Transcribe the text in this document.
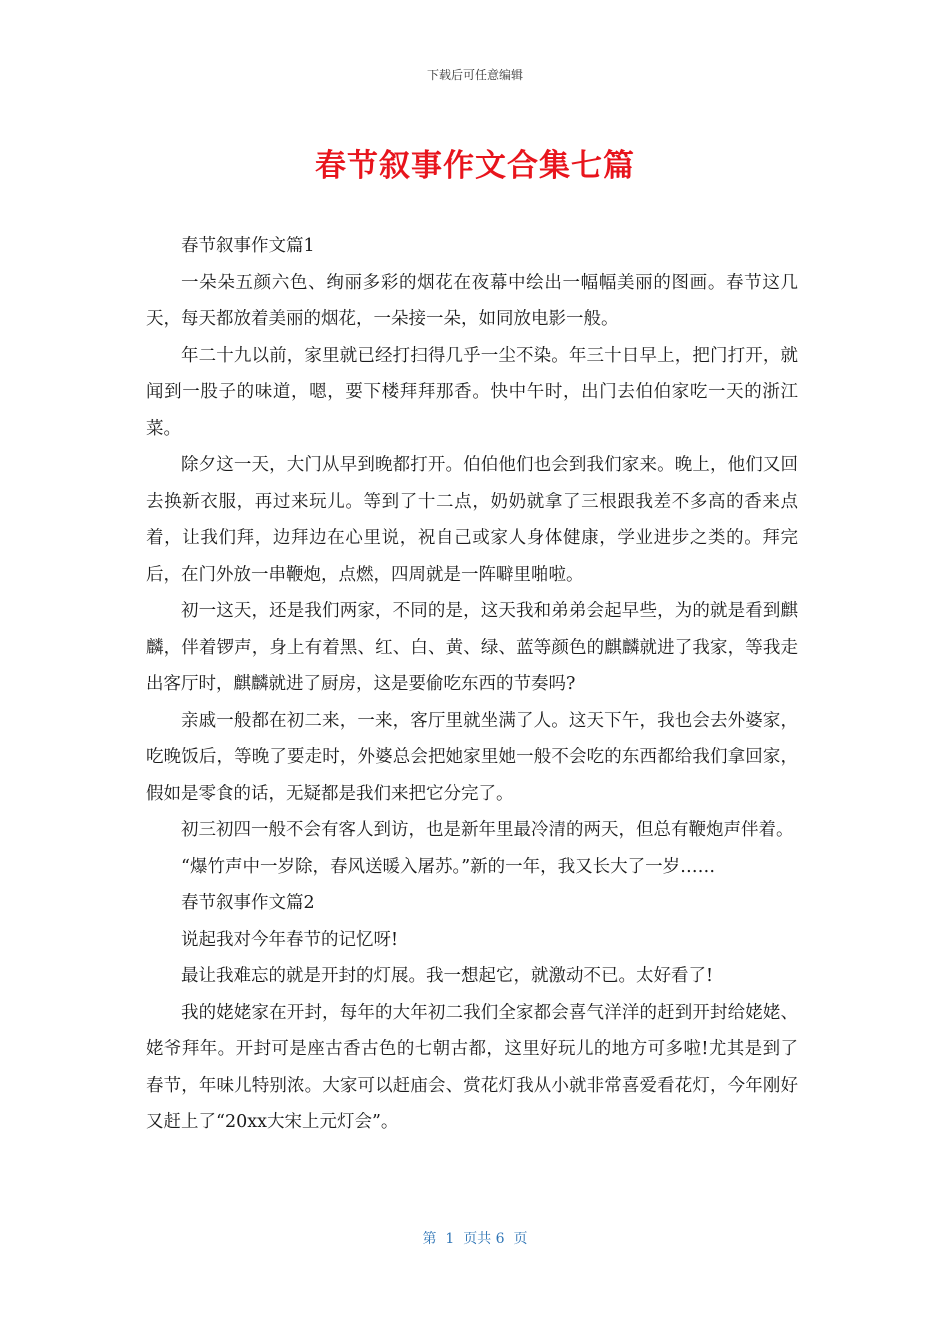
下载后可任意编辑
春节叙事作文合集七篇

春节叙事作文篇1

一朵朵五颜六色、绚丽多彩的烟花在夜幕中绘出一幅幅美丽的图画。春节这几天，每天都放着美丽的烟花，一朵接一朵，如同放电影一般。

年二十九以前，家里就已经打扫得几乎一尘不染。年三十日早上，把门打开，就闻到一股子的味道，嗯，要下楼拜拜那香。快中午时，出门去伯伯家吃一天的浙江菜。

除夕这一天，大门从早到晚都打开。伯伯他们也会到我们家来。晚上，他们又回去换新衣服，再过来玩儿。等到了十二点，奶奶就拿了三根跟我差不多高的香来点着，让我们拜，边拜边在心里说，祝自己或家人身体健康，学业进步之类的。拜完后，在门外放一串鞭炮，点燃，四周就是一阵噼里啪啦。

初一这天，还是我们两家，不同的是，这天我和弟弟会起早些，为的就是看到麒麟，伴着锣声，身上有着黑、红、白、黄、绿、蓝等颜色的麒麟就进了我家，等我走出客厅时，麒麟就进了厨房，这是要偷吃东西的节奏吗?

亲戚一般都在初二来，一来，客厅里就坐满了人。这天下午，我也会去外婆家，吃晚饭后，等晚了要走时，外婆总会把她家里她一般不会吃的东西都给我们拿回家，假如是零食的话，无疑都是我们来把它分完了。

初三初四一般不会有客人到访，也是新年里最冷清的两天，但总有鞭炮声伴着。

“爆竹声中一岁除，春风送暖入屠苏。”新的一年，我又长大了一岁……

春节叙事作文篇2

说起我对今年春节的记忆呀!

最让我难忘的就是开封的灯展。我一想起它，就激动不已。太好看了!

我的姥姥家在开封，每年的大年初二我们全家都会喜气洋洋的赶到开封给姥姥、姥爷拜年。开封可是座古香古色的七朝古都，这里好玩儿的地方可多啦!尤其是到了春节，年味儿特别浓。大家可以赶庙会、赏花灯我从小就非常喜爱看花灯，今年刚好又赶上了“20xx大宋上元灯会”。

第  1  页共 6  页
